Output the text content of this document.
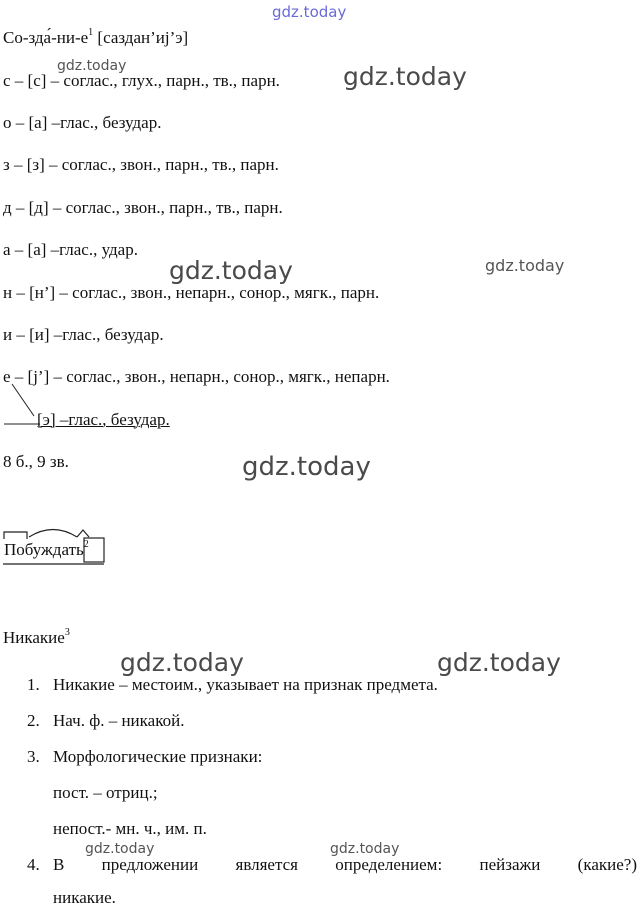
gdz.today
gdz.today	gdz.today
gdz.today	gdz.today
gdz.today
gdz.today	gdz.today
gdz.today	gdz.today
$Со-зда́-ни-е^1$ [саздан’иј’э]
с – [с] – соглас., глух., парн., тв., парн.
о – [а] –глас., безудар.
з – [з] – соглас., звон., парн., тв., парн.
д – [д] – соглас., звон., парн., тв., парн.
а – [а] –глас., удар.
н – [н’] – соглас., звон., непарн., сонор., мягк., парн.
и – [и] –глас., безудар.
е – [j’] – соглас., звон., непарн., сонор., мягк., непарн.
[э] –глас., безудар.
8 б., 9 зв.
Побуждать$^2$
Никакие$^3$
1. Никакие – местоим., указывает на признак предмета.
2. Нач. ф. – никакой.
3. Морфологические признаки:
пост. – отриц.;
непост.- мн. ч., им. п.
4. В предложении является определением: пейзажи (какие?)
никакие.
